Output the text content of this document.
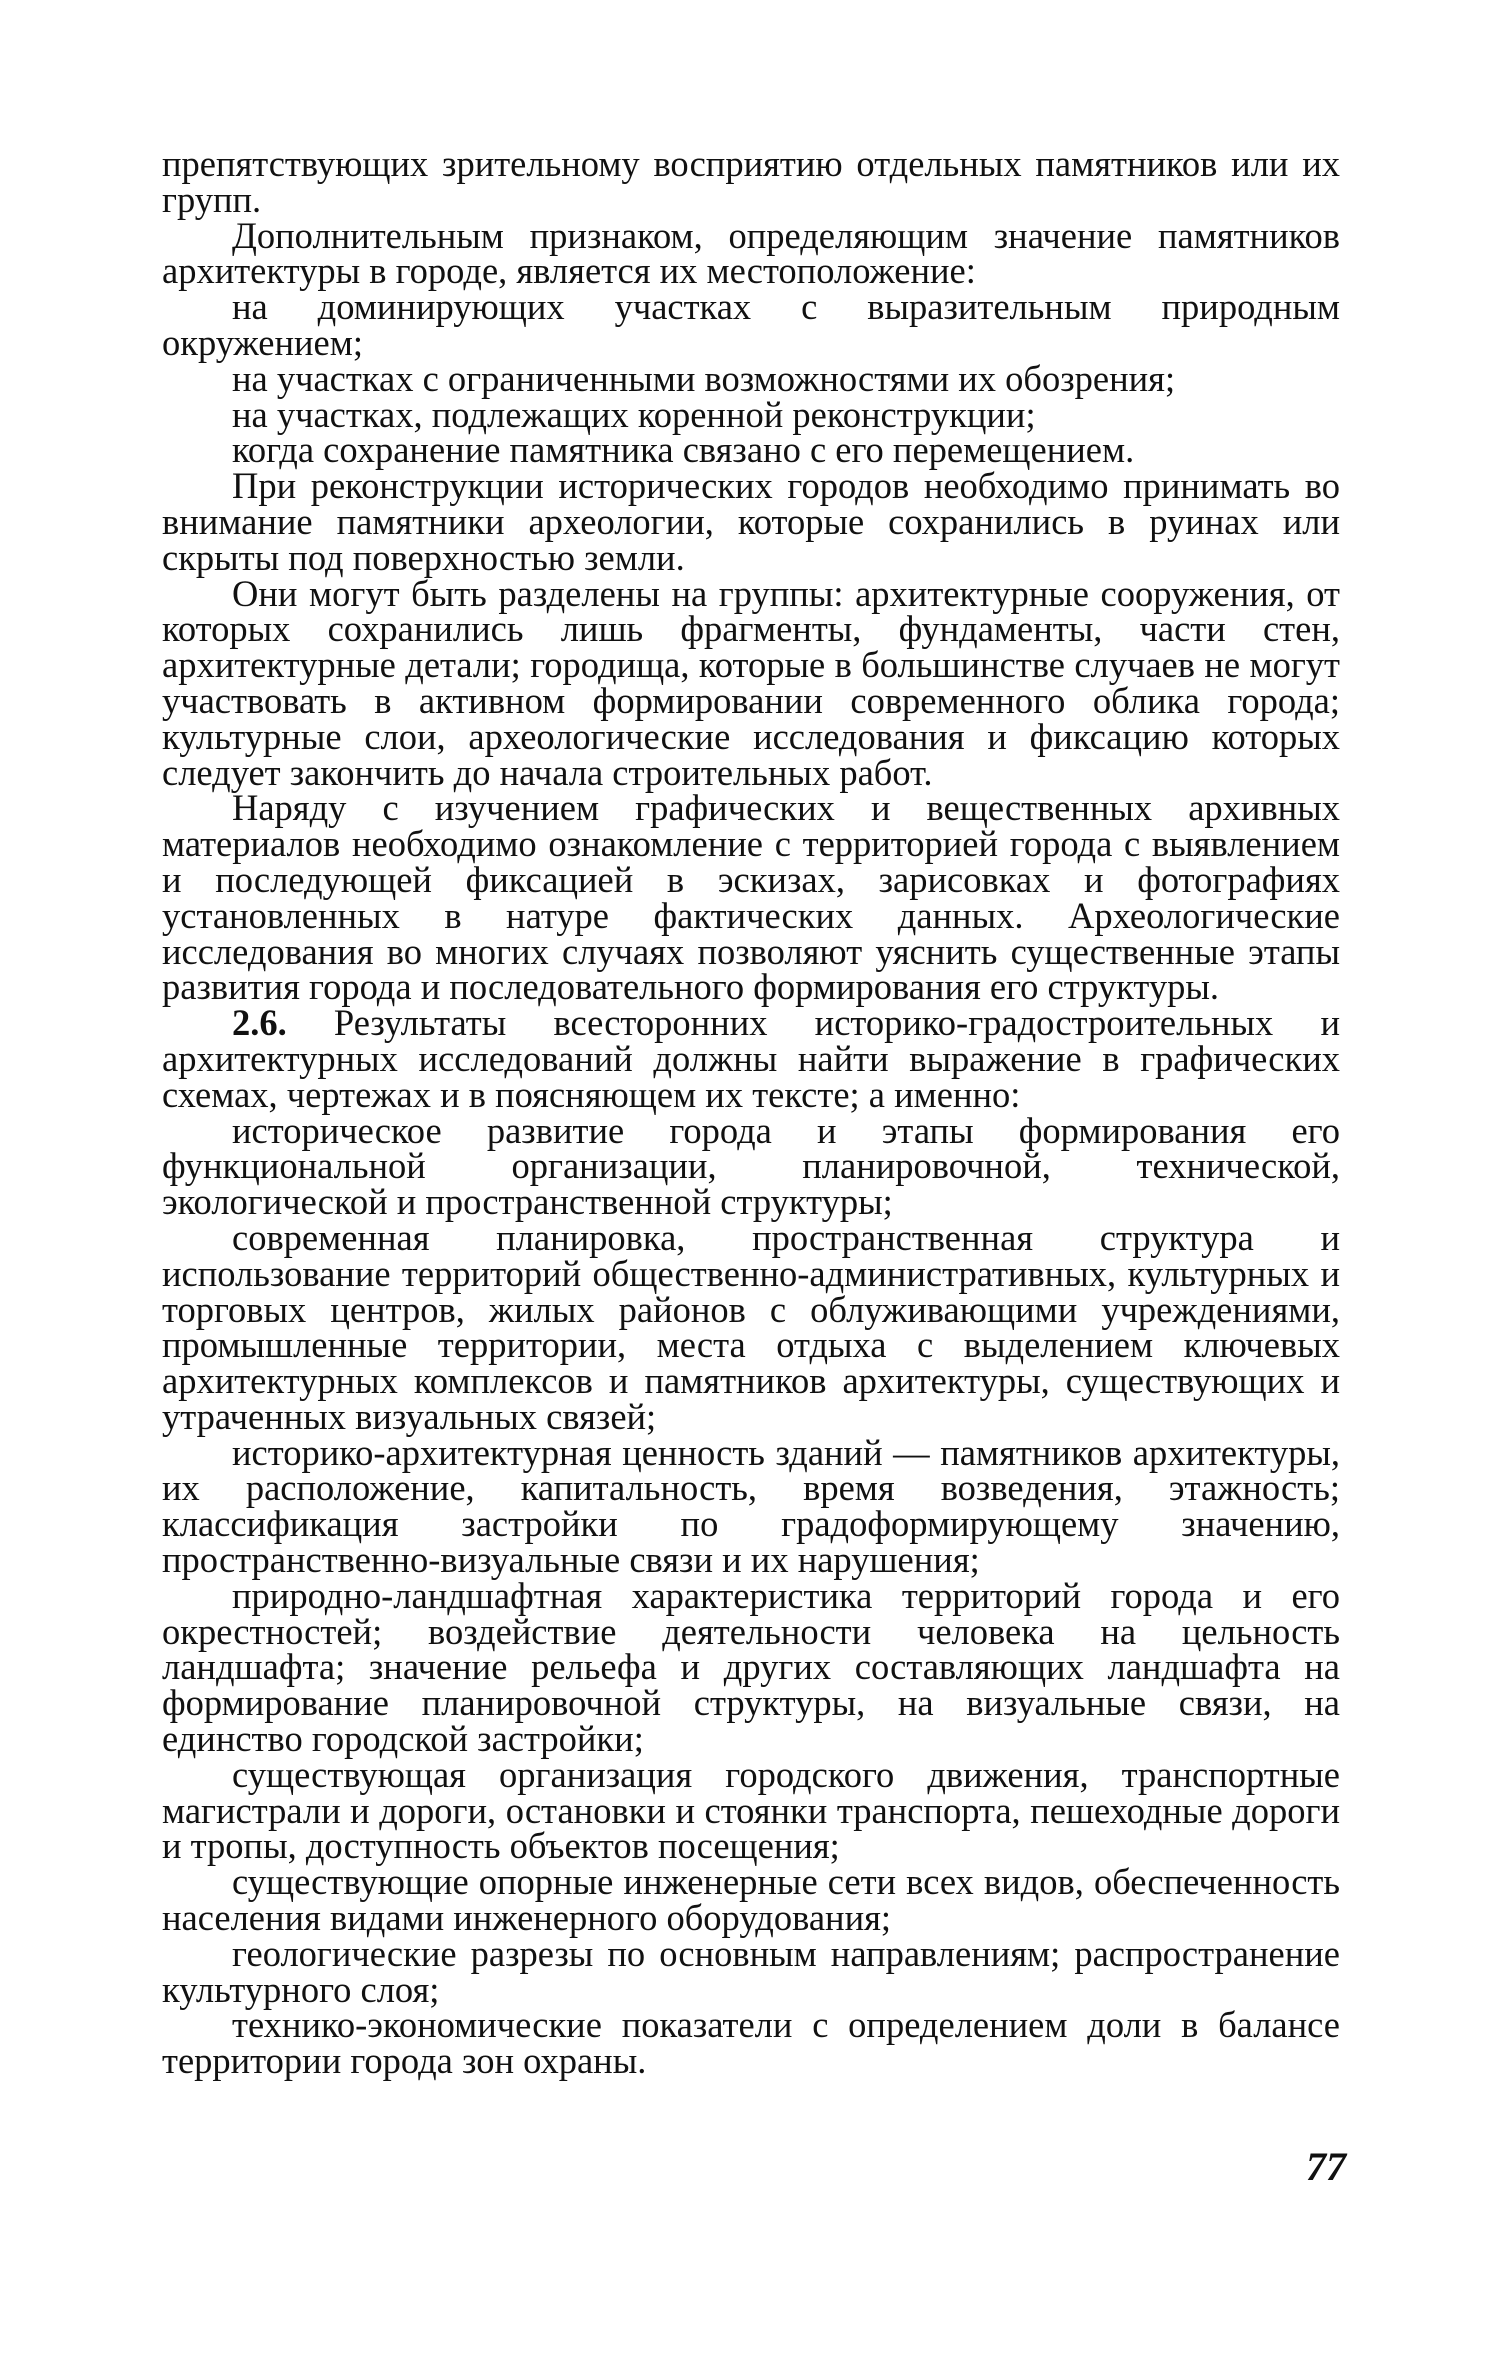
препятствующих зрительному восприятию отдельных памятников или их групп.

Дополнительным признаком, определяющим значение памятников архитектуры в городе, является их местоположение:

на доминирующих участках с выразительным природным окружением;

на участках с ограниченными возможностями их обозрения;

на участках, подлежащих коренной реконструкции;

когда сохранение памятника связано с его перемещением.

При реконструкции исторических городов необходимо принимать во внимание памятники археологии, которые сохранились в руинах или скрыты под поверхностью земли.

Они могут быть разделены на группы: архитектурные сооружения, от которых сохранились лишь фрагменты, фундаменты, части стен, архитектурные детали; городища, которые в большинстве случаев не могут участвовать в активном формировании современного облика города; культурные слои, археологические исследования и фиксацию которых следует закончить до начала строительных работ.

Наряду с изучением графических и вещественных архивных материалов необходимо ознакомление с территорией города с выявлением и последующей фиксацией в эскизах, зарисовках и фотографиях установленных в натуре фактических данных. Археологические исследования во многих случаях позволяют уяснить существенные этапы развития города и последовательного формирования его структуры.

2.6. Результаты всесторонних историко-градостроительных и архитектурных исследований должны найти выражение в графических схемах, чертежах и в поясняющем их тексте; а именно:

историческое развитие города и этапы формирования его функциональной организации, планировочной, технической, экологической и пространственной структуры;

современная планировка, пространственная структура и использование территорий общественно-административных, культурных и торговых центров, жилых районов с облуживающими учреждениями, промышленные территории, места отдыха с выделением ключевых архитектурных комплексов и памятников архитектуры, существующих и утраченных визуальных связей;

историко-архитектурная ценность зданий — памятников архитектуры, их расположение, капитальность, время возведения, этажность; классификация застройки по градоформирующему значению, пространственно-визуальные связи и их нарушения;

природно-ландшафтная характеристика территорий города и его окрестностей; воздействие деятельности человека на цельность ландшафта; значение рельефа и других составляющих ландшафта на формирование планировочной структуры, на визуальные связи, на единство городской застройки;

существующая организация городского движения, транспортные магистрали и дороги, остановки и стоянки транспорта, пешеходные дороги и тропы, доступность объектов посещения;

существующие опорные инженерные сети всех видов, обеспеченность населения видами инженерного оборудования;

геологические разрезы по основным направлениям; распространение культурного слоя;

технико-экономические показатели с определением доли в балансе территории города зон охраны.

77
